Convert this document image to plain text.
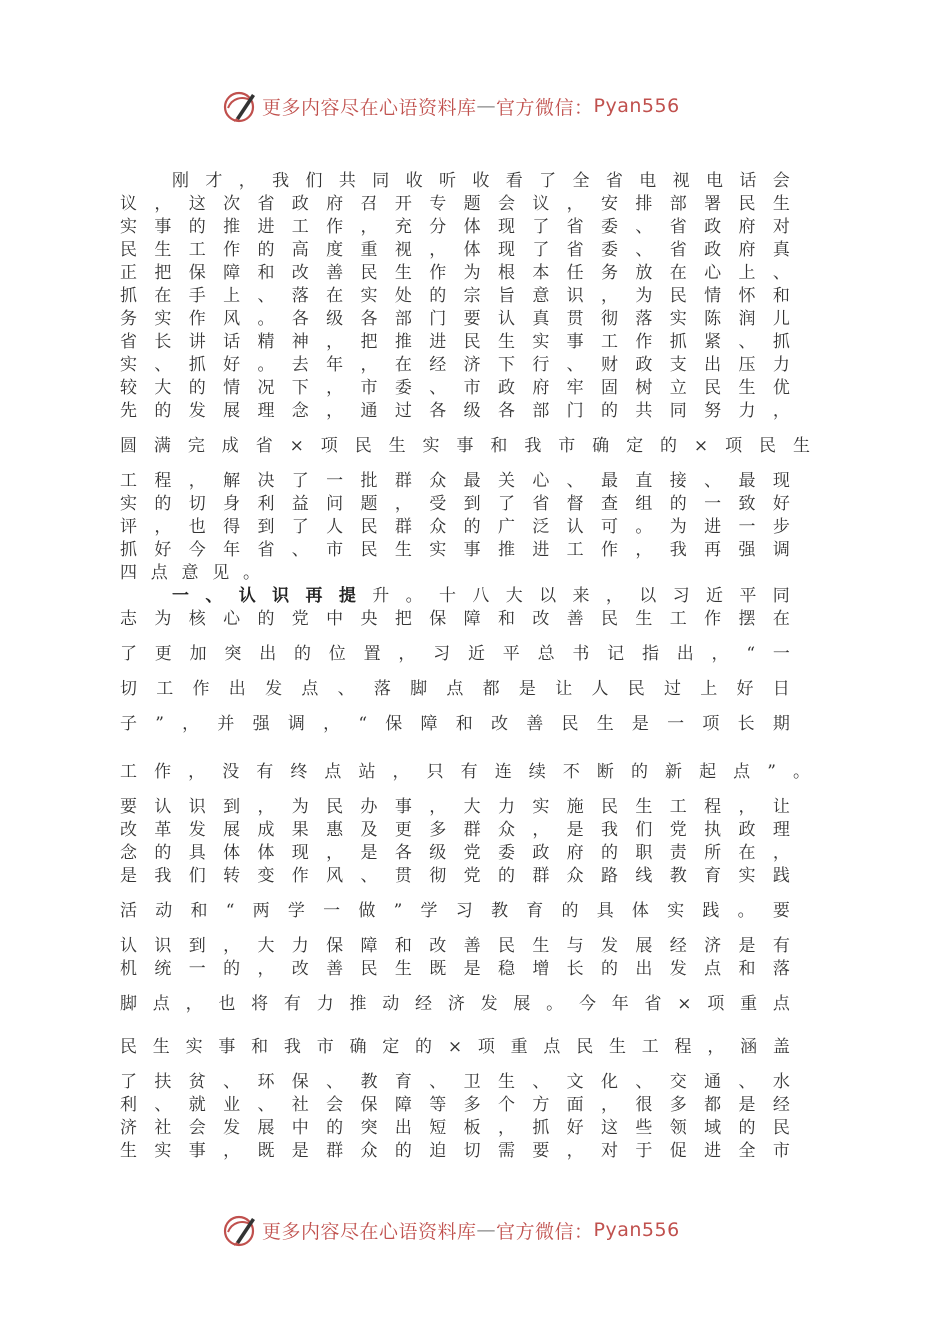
更多内容尽在心语资料库 — 官方微信： Pyan556
刚 才 ， 我 们 共 同 收 听 收 看 了 全 省 电 视 电 话 会
议 ， 这 次 省 政 府 召 开 专 题 会 议 ， 安 排 部 署 民 生
实 事 的 推 进 工 作 ， 充 分 体 现 了 省 委 、 省 政 府 对
民 生 工 作 的 高 度 重 视 ， 体 现 了 省 委 、 省 政 府 真
正 把 保 障 和 改 善 民 生 作 为 根 本 任 务 放 在 心 上 、
抓 在 手 上 、 落 在 实 处 的 宗 旨 意 识 ， 为 民 情 怀 和
务 实 作 风 。 各 级 各 部 门 要 认 真 贯 彻 落 实 陈 润 儿
省 长 讲 话 精 神 ， 把 推 进 民 生 实 事 工 作 抓 紧 、 抓
实 、 抓 好 。 去 年 ， 在 经 济 下 行 、 财 政 支 出 压 力
较 大 的 情 况 下 ， 市 委 、 市 政 府 牢 固 树 立 民 生 优
先 的 发 展 理 念 ， 通 过 各 级 各 部 门 的 共 同 努 力 ，
圆 满 完 成 省 × 项 民 生 实 事 和 我 市 确 定 的 × 项 民 生
工 程 ， 解 决 了 一 批 群 众 最 关 心 、 最 直 接 、 最 现
实 的 切 身 利 益 问 题 ， 受 到 了 省 督 查 组 的 一 致 好
评 ， 也 得 到 了 人 民 群 众 的 广 泛 认 可 。 为 进 一 步
抓 好 今 年 省 、 市 民 生 实 事 推 进 工 作 ， 我 再 强 调
四 点 意 见 。
一 、 认 识 再 提 升 。 十 八 大 以 来 ， 以 习 近 平 同
志 为 核 心 的 党 中 央 把 保 障 和 改 善 民 生 工 作 摆 在
了 更 加 突 出 的 位 置 ， 习 近 平 总 书 记 指 出 ， “ 一
切 工 作 出 发 点 、 落 脚 点 都 是 让 人 民 过 上 好 日
子 ” ， 并 强 调 ， “ 保 障 和 改 善 民 生 是 一 项 长 期
工 作 ， 没 有 终 点 站 ， 只 有 连 续 不 断 的 新 起 点 ” 。
要 认 识 到 ， 为 民 办 事 ， 大 力 实 施 民 生 工 程 ， 让
改 革 发 展 成 果 惠 及 更 多 群 众 ， 是 我 们 党 执 政 理
念 的 具 体 体 现 ， 是 各 级 党 委 政 府 的 职 责 所 在 ，
是 我 们 转 变 作 风 、 贯 彻 党 的 群 众 路 线 教 育 实 践
活 动 和 “ 两 学 一 做 ” 学 习 教 育 的 具 体 实 践 。 要
认 识 到 ， 大 力 保 障 和 改 善 民 生 与 发 展 经 济 是 有
机 统 一 的 ， 改 善 民 生 既 是 稳 增 长 的 出 发 点 和 落
脚 点 ， 也 将 有 力 推 动 经 济 发 展 。 今 年 省 × 项 重 点
民 生 实 事 和 我 市 确 定 的 × 项 重 点 民 生 工 程 ， 涵 盖
了 扶 贫 、 环 保 、 教 育 、 卫 生 、 文 化 、 交 通 、 水
利 、 就 业 、 社 会 保 障 等 多 个 方 面 ， 很 多 都 是 经
济 社 会 发 展 中 的 突 出 短 板 ， 抓 好 这 些 领 域 的 民
生 实 事 ， 既 是 群 众 的 迫 切 需 要 ， 对 于 促 进 全 市
更多内容尽在心语资料库 — 官方微信： Pyan556
